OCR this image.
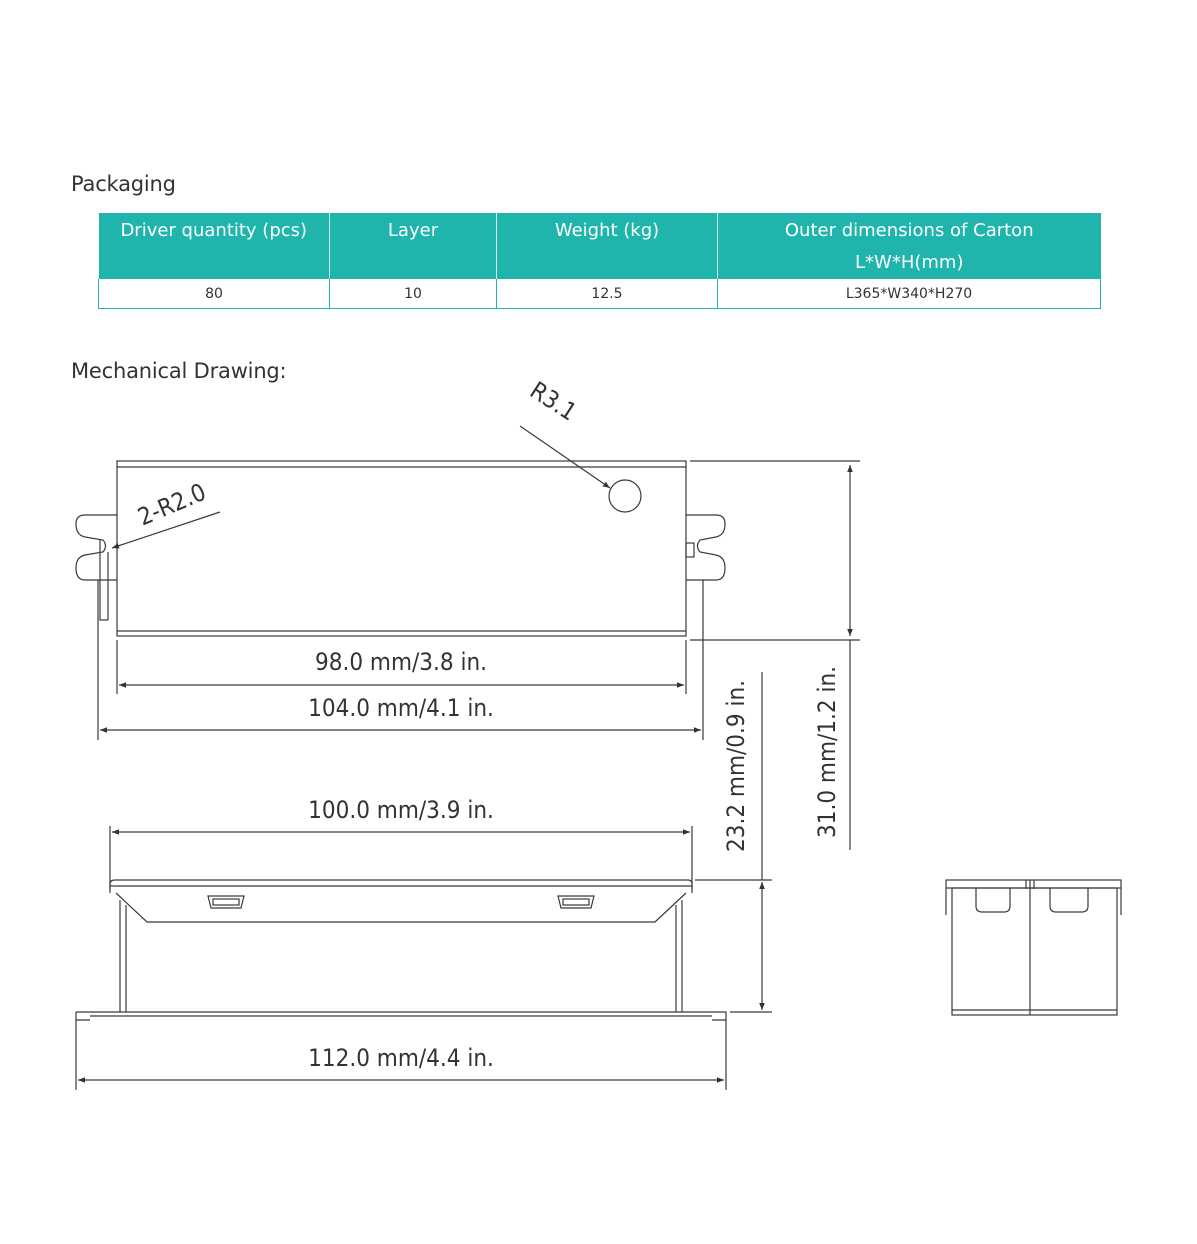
Packaging
Driver quantity (pcs)	Layer	Weight (kg)	Outer dimensions of Carton
L*W*H(mm)

80	10	12.5	L365*W340*H270
Mechanical Drawing:
R3.1
2-R2.0
98.0 mm/3.8 in.
104.0 mm/4.1 in.
100.0 mm/3.9 in.
112.0 mm/4.4 in.
23.2 mm/0.9 in.	31.0 mm/1.2 in.
